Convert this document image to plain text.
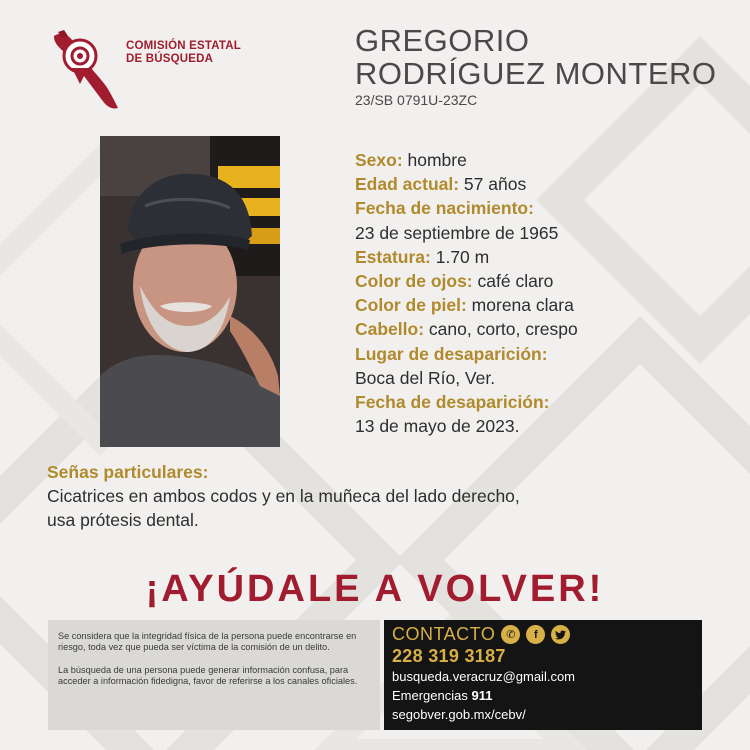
COMISIÓN ESTATAL
DE BÚSQUEDA
GREGORIO
RODRÍGUEZ MONTERO
23/SB 0791U-23ZC
Sexo: hombre
Edad actual: 57 años
Fecha de nacimiento:
23 de septiembre de 1965
Estatura: 1.70 m
Color de ojos: café claro
Color de piel: morena clara
Cabello: cano, corto, crespo
Lugar de desaparición:
Boca del Río, Ver.
Fecha de desaparición:
13 de mayo de 2023.
Señas particulares:
Cicatrices en ambos codos y en la muñeca del lado derecho,
usa prótesis dental.
¡AYÚDALE A VOLVER!

Se considera que la integridad física de la persona puede encontrarse en riesgo, toda vez que pueda ser víctima de la comisión de un delito.

La búsqueda de una persona puede generar información confusa, para acceder a información fidedigna, favor de referirse a los canales oficiales.

CONTACTO ✆	f
228 319 3187
busqueda.veracruz@gmail.com
Emergencias 911
segobver.gob.mx/cebv/
